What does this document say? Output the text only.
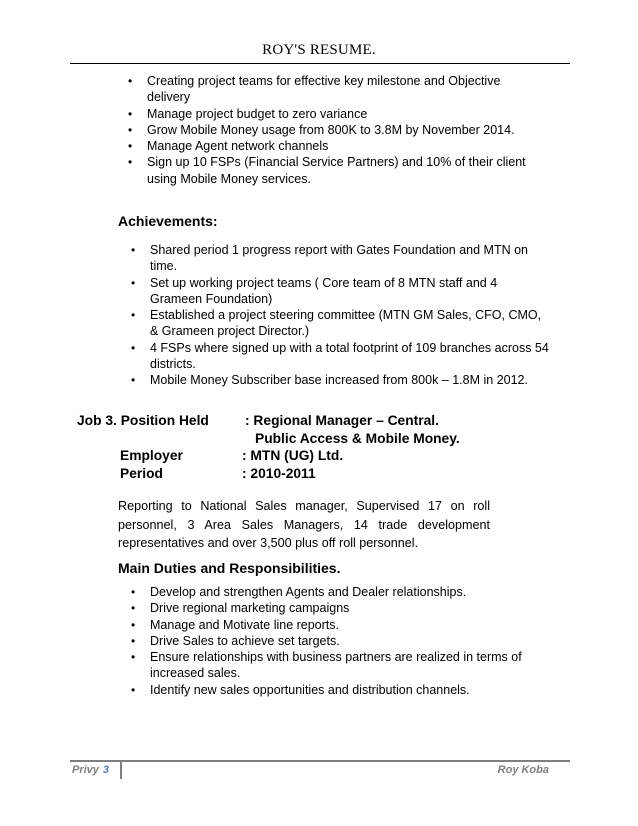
ROY'S RESUME.
• Creating project teams for effective key milestone and Objective delivery
• Manage project budget to zero variance
• Grow Mobile Money usage from 800K to 3.8M by November 2014.
• Manage Agent network channels
• Sign up 10 FSPs (Financial Service Partners) and 10% of their client using Mobile Money services.
Achievements:
• Shared period 1 progress report with Gates Foundation and MTN on time.
• Set up working project teams ( Core team of 8 MTN staff and 4 Grameen Foundation)
• Established a project steering committee (MTN GM Sales, CFO, CMO, & Grameen project Director.)
• 4 FSPs where signed up with a total footprint of 109 branches across 54 districts.
• Mobile Money Subscriber base increased from 800k – 1.8M in 2012.
Job 3. Position Held	: Regional Manager – Central.
Public Access & Mobile Money.
Employer	: MTN (UG) Ltd.
Period	: 2010-2011
Reporting to National Sales manager, Supervised 17 on roll
personnel, 3 Area Sales Managers, 14 trade development
representatives and over 3,500 plus off roll personnel.
Main Duties and Responsibilities.
• Develop and strengthen Agents and Dealer relationships.
• Drive regional marketing campaigns
• Manage and Motivate line reports.
• Drive Sales to achieve set targets.
• Ensure relationships with business partners are realized in terms of increased sales.
• Identify new sales opportunities and distribution channels.
Privy 3	Roy Koba
